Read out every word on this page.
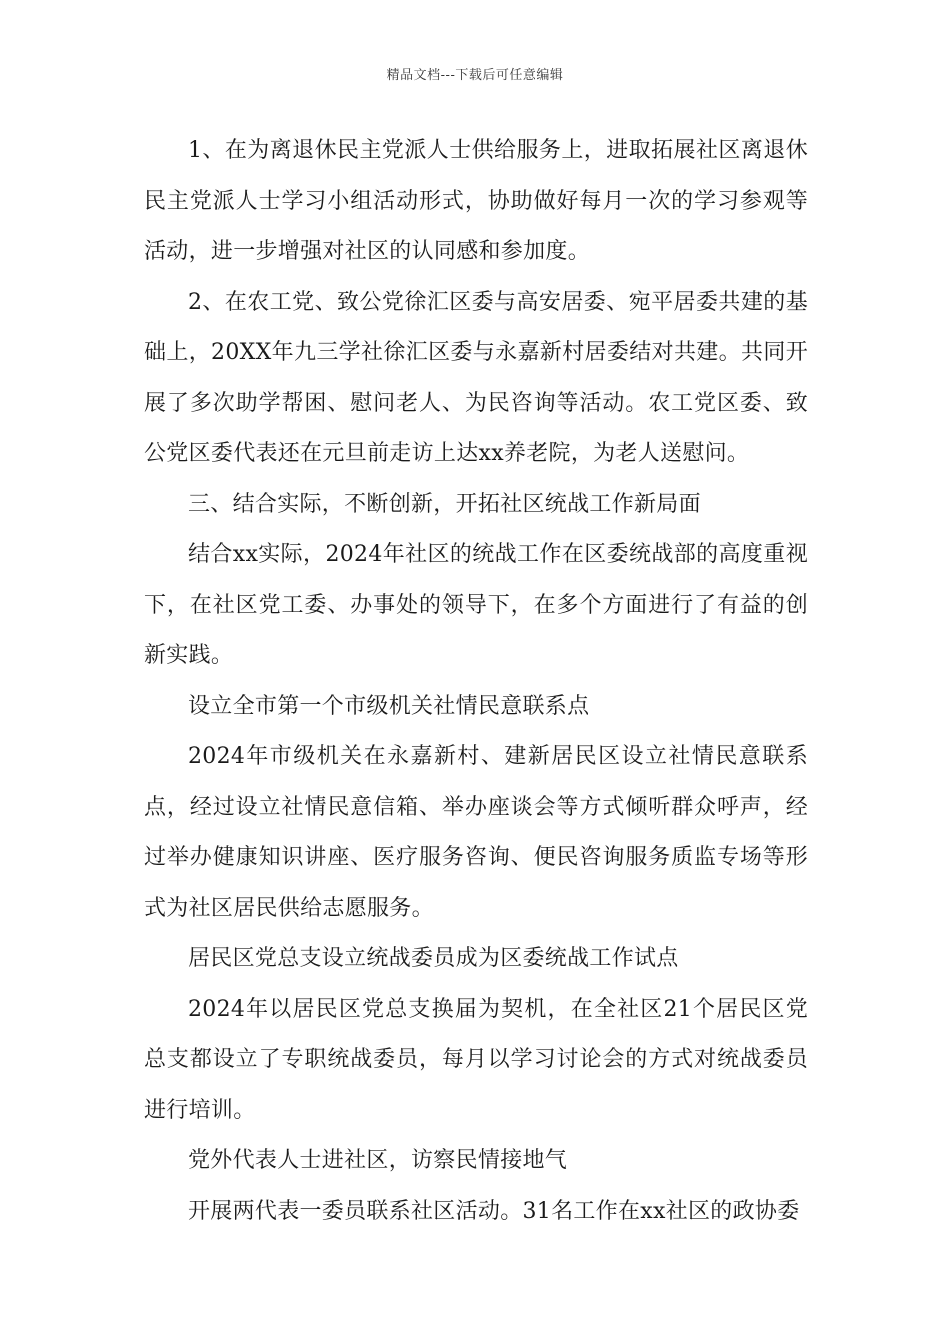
精品文档---下载后可任意编辑

1、在为离退休民主党派人士供给服务上，进取拓展社区离退休民主党派人士学习小组活动形式，协助做好每月一次的学习参观等活动，进一步增强对社区的认同感和参加度。

2、在农工党、致公党徐汇区委与高安居委、宛平居委共建的基础上，20XX年九三学社徐汇区委与永嘉新村居委结对共建。共同开展了多次助学帮困、慰问老人、为民咨询等活动。农工党区委、致公党区委代表还在元旦前走访上达xx养老院，为老人送慰问。

三、结合实际，不断创新，开拓社区统战工作新局面

结合xx实际，2024年社区的统战工作在区委统战部的高度重视下，在社区党工委、办事处的领导下，在多个方面进行了有益的创新实践。

设立全市第一个市级机关社情民意联系点

2024年市级机关在永嘉新村、建新居民区设立社情民意联系点，经过设立社情民意信箱、举办座谈会等方式倾听群众呼声，经过举办健康知识讲座、医疗服务咨询、便民咨询服务质监专场等形式为社区居民供给志愿服务。

居民区党总支设立统战委员成为区委统战工作试点

2024年以居民区党总支换届为契机，在全社区21个居民区党总支都设立了专职统战委员，每月以学习讨论会的方式对统战委员进行培训。

党外代表人士进社区，访察民情接地气

开展两代表一委员联系社区活动。31名工作在xx社区的政协委
